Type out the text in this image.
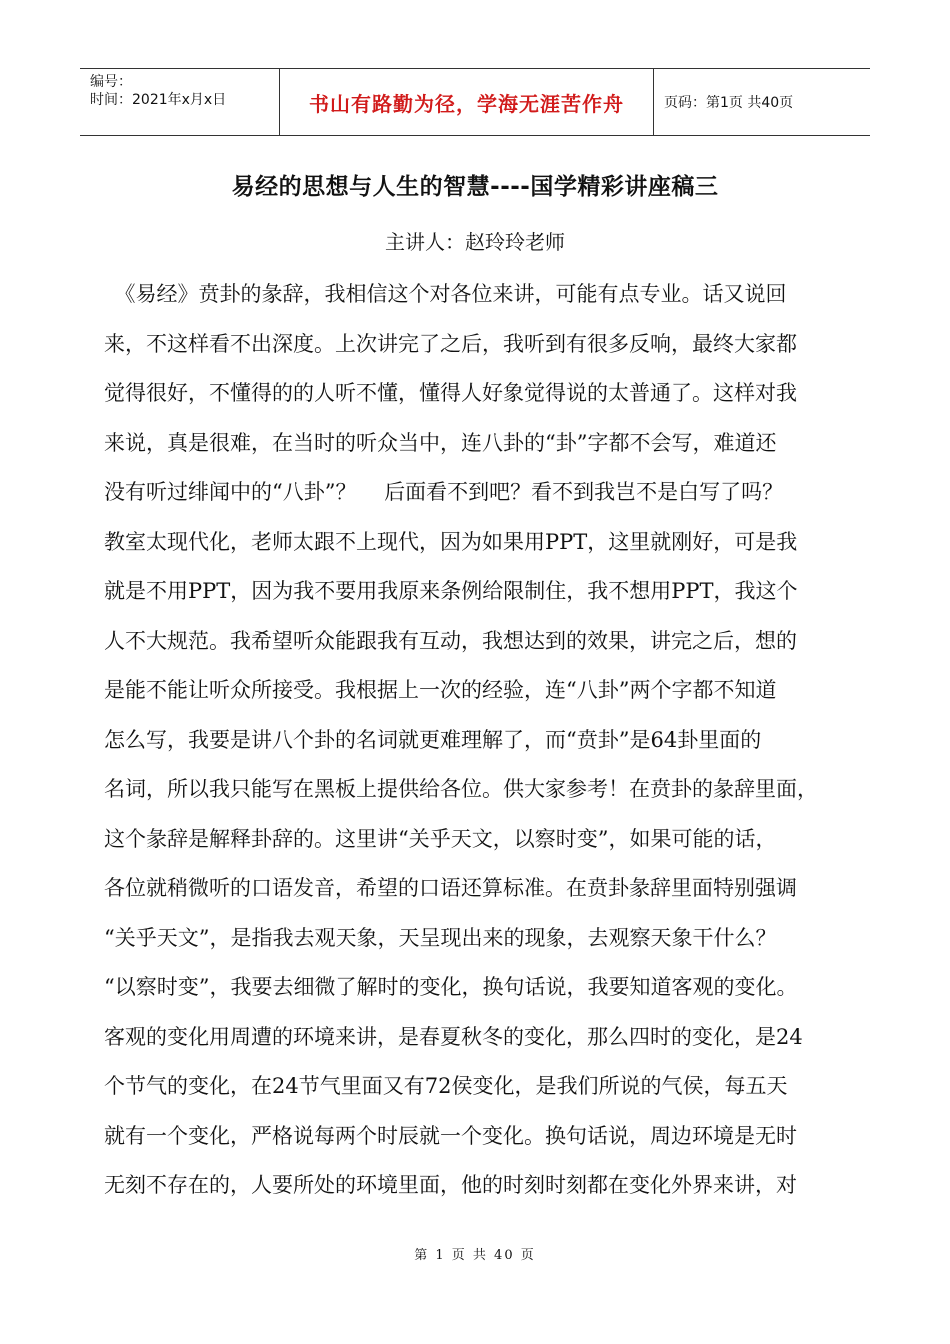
编号：
时间：2021年x月x日	书山有路勤为径，学海无涯苦作舟	页码：第1页 共40页
易经的思想与人生的智慧----国学精彩讲座稿三
主讲人：赵玲玲老师
　《易经》贲卦的彖辞，我相信这个对各位来讲，可能有点专业。话又说回
来，不这样看不出深度。上次讲完了之后，我听到有很多反响，最终大家都
觉得很好，不懂得的的人听不懂，懂得人好象觉得说的太普通了。这样对我
来说，真是很难，在当时的听众当中，连八卦的“卦”字都不会写，难道还
没有听过绯闻中的“八卦”？　 后面看不到吧？看不到我岂不是白写了吗？
教室太现代化，老师太跟不上现代，因为如果用PPT，这里就刚好，可是我
就是不用PPT，因为我不要用我原来条例给限制住，我不想用PPT，我这个
人不大规范。我希望听众能跟我有互动，我想达到的效果，讲完之后，想的
是能不能让听众所接受。我根据上一次的经验，连“八卦”两个字都不知道
怎么写，我要是讲八个卦的名词就更难理解了，而“贲卦”是64卦里面的
名词，所以我只能写在黑板上提供给各位。供大家参考！在贲卦的彖辞里面，
这个彖辞是解释卦辞的。这里讲“关乎天文，以察时变”，如果可能的话，
各位就稍微听的口语发音，希望的口语还算标准。在贲卦彖辞里面特别强调
“关乎天文”，是指我去观天象，天呈现出来的现象，去观察天象干什么？
“以察时变”，我要去细微了解时的变化，换句话说，我要知道客观的变化。
客观的变化用周遭的环境来讲，是春夏秋冬的变化，那么四时的变化，是24
个节气的变化，在24节气里面又有72侯变化，是我们所说的气侯，每五天
就有一个变化，严格说每两个时辰就一个变化。换句话说，周边环境是无时
无刻不存在的，人要所处的环境里面，他的时刻时刻都在变化外界来讲，对
第 1 页 共 40 页
